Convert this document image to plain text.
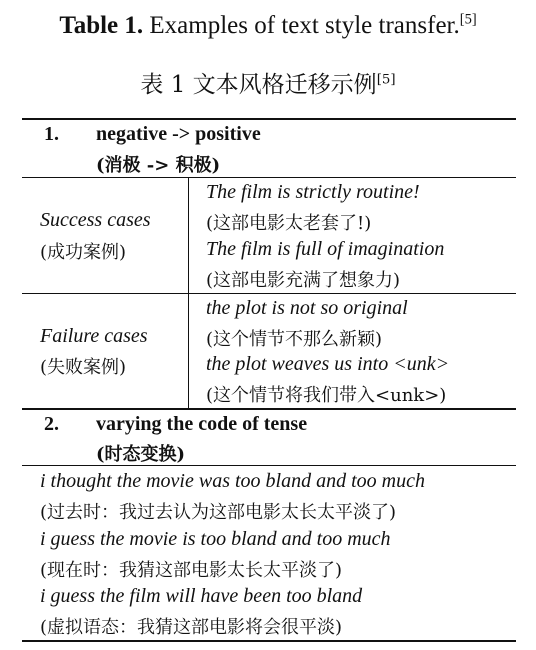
Table 1. Examples of text style transfer.[5]
表 1 文本风格迁移示例[5]
1. negative -> positive
(消极 -> 积极)
Success cases
(成功案例)
The film is strictly routine!
(这部电影太老套了!)
The film is full of imagination
(这部电影充满了想象力)
Failure cases
(失败案例)
the plot is not so original
(这个情节不那么新颖)
the plot weaves us into <unk>
(这个情节将我们带入<unk>)
2. varying the code of tense
(时态变换)
i thought the movie was too bland and too much
(过去时：我过去认为这部电影太长太平淡了)
i guess the movie is too bland and too much
(现在时：我猜这部电影太长太平淡了)
i guess the film will have been too bland
(虚拟语态：我猜这部电影将会很平淡)
